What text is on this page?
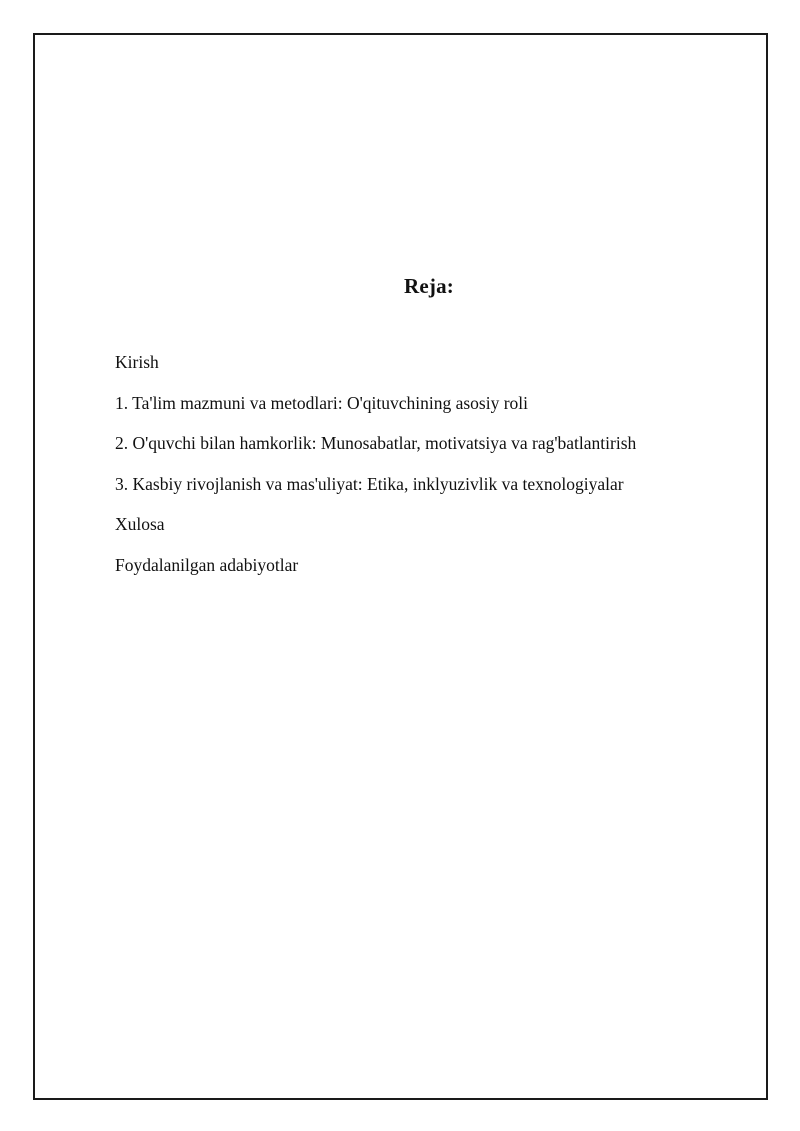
Reja:
Kirish
1. Ta'lim mazmuni va metodlari: O'qituvchining asosiy roli
2. O'quvchi bilan hamkorlik: Munosabatlar, motivatsiya va rag'batlantirish
3. Kasbiy rivojlanish va mas'uliyat: Etika, inklyuzivlik va texnologiyalar
Xulosa
Foydalanilgan adabiyotlar
